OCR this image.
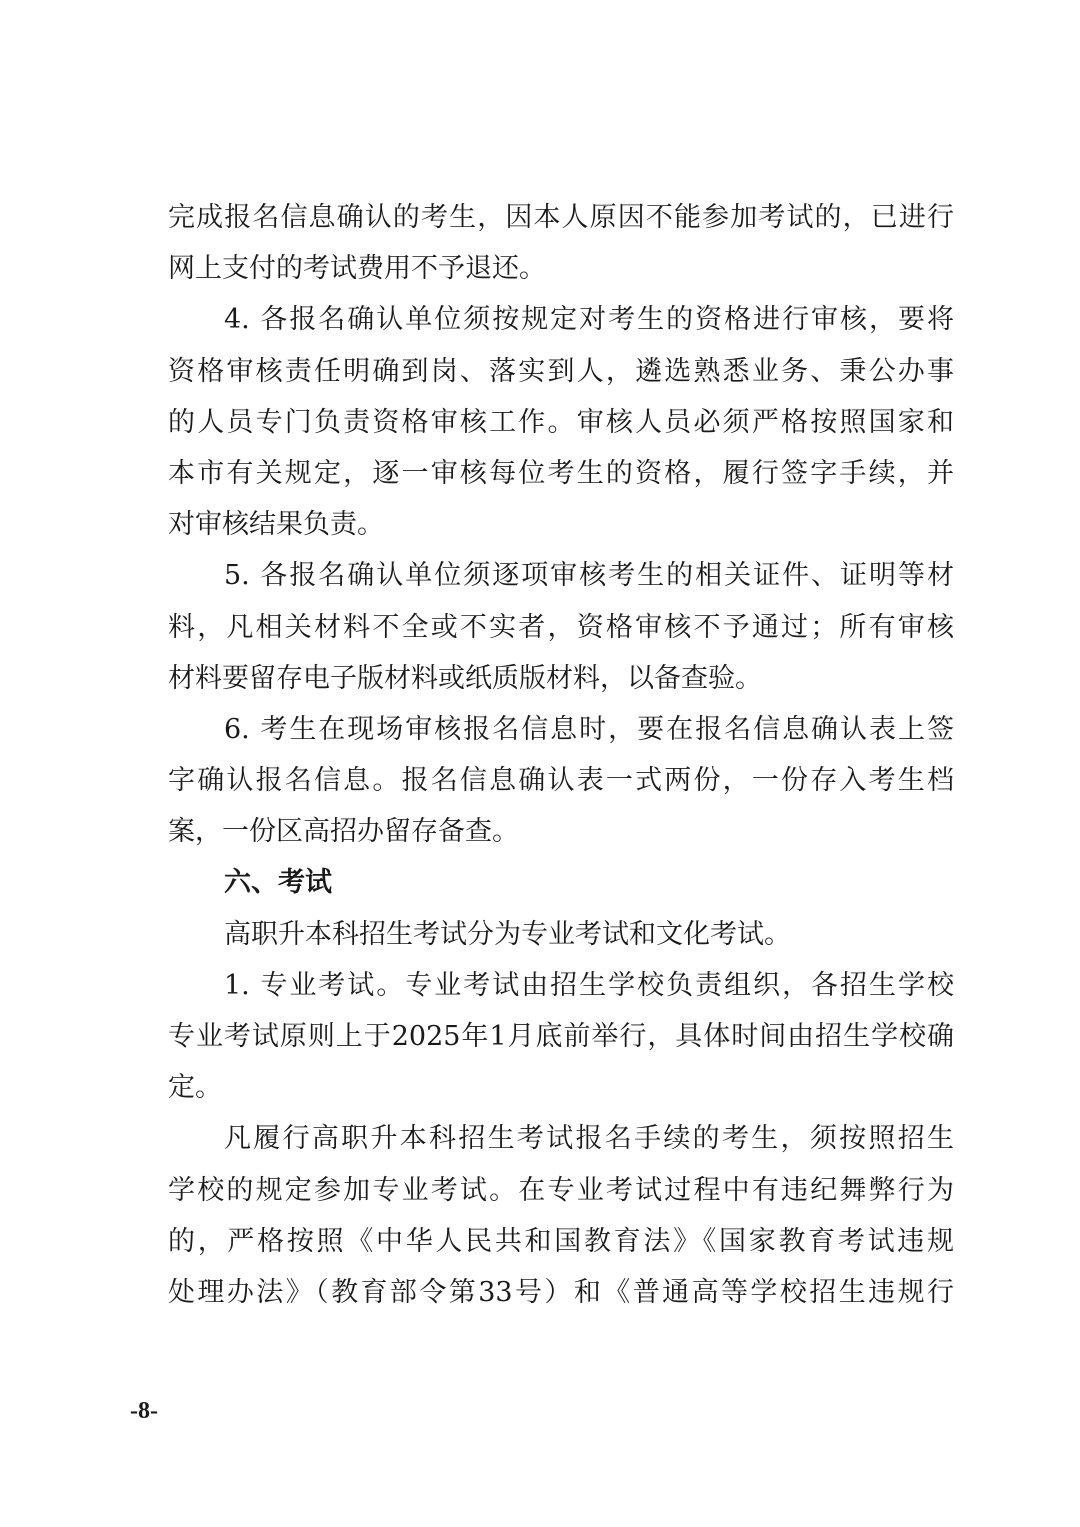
完成报名信息确认的考生，因本人原因不能参加考试的，已进行
网上支付的考试费用不予退还。
4. 各报名确认单位须按规定对考生的资格进行审核，要将
资格审核责任明确到岗、落实到人，遴选熟悉业务、秉公办事
的人员专门负责资格审核工作。审核人员必须严格按照国家和
本市有关规定，逐一审核每位考生的资格，履行签字手续，并
对审核结果负责。
5. 各报名确认单位须逐项审核考生的相关证件、证明等材
料，凡相关材料不全或不实者，资格审核不予通过；所有审核
材料要留存电子版材料或纸质版材料，以备查验。
6. 考生在现场审核报名信息时，要在报名信息确认表上签
字确认报名信息。报名信息确认表一式两份，一份存入考生档
案，一份区高招办留存备查。
六、考试
高职升本科招生考试分为专业考试和文化考试。
1. 专业考试。专业考试由招生学校负责组织，各招生学校
专业考试原则上于2025年1月底前举行，具体时间由招生学校确
定。
凡履行高职升本科招生考试报名手续的考生，须按照招生
学校的规定参加专业考试。在专业考试过程中有违纪舞弊行为
的，严格按照《中华人民共和国教育法》《国家教育考试违规
处理办法》（教育部令第33号）和《普通高等学校招生违规行
-8-
